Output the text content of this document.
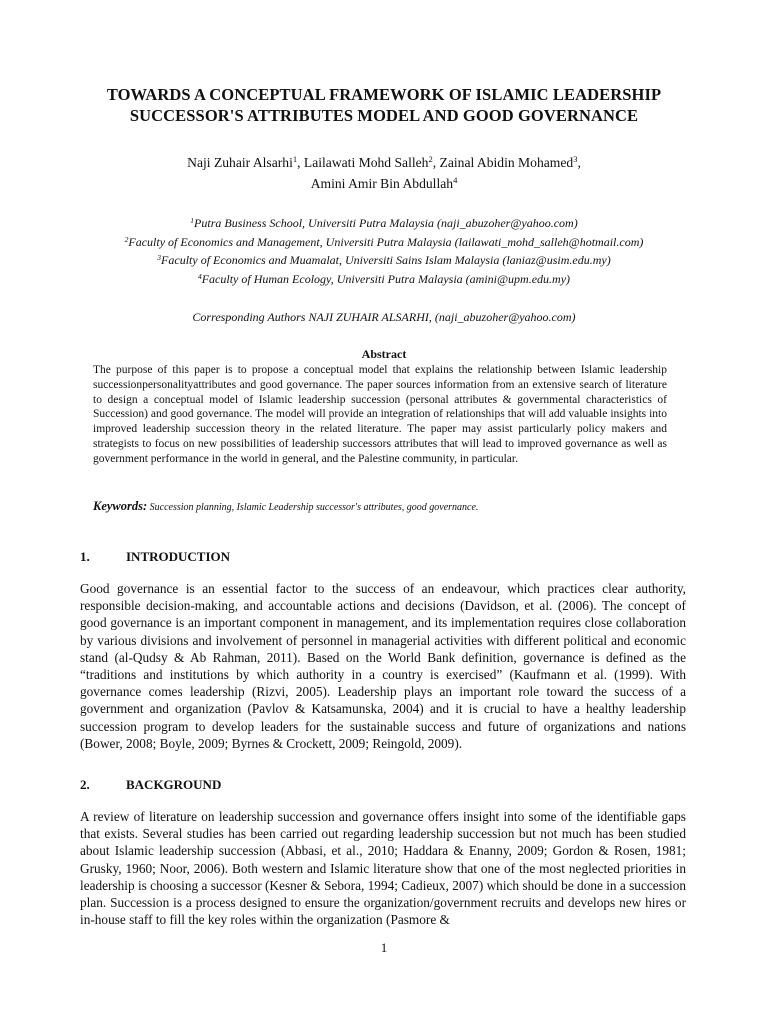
TOWARDS A CONCEPTUAL FRAMEWORK OF ISLAMIC LEADERSHIP
SUCCESSOR'S ATTRIBUTES MODEL AND GOOD GOVERNANCE
Naji Zuhair Alsarhi$^1$, Lailawati Mohd Salleh$^2$, Zainal Abidin Mohamed$^3$,
Amini Amir Bin Abdullah$^4$
$^1$Putra Business School, Universiti Putra Malaysia (naji_abuzoher@yahoo.com)
$^2$Faculty of Economics and Management, Universiti Putra Malaysia (lailawati_mohd_salleh@hotmail.com)
$^3$Faculty of Economics and Muamalat, Universiti Sains Islam Malaysia (laniaz@usim.edu.my)
$^4$Faculty of Human Ecology, Universiti Putra Malaysia (amini@upm.edu.my)
Corresponding Authors NAJI ZUHAIR ALSARHI, (naji_abuzoher@yahoo.com)
Abstract
The purpose of this paper is to propose a conceptual model that explains the relationship between Islamic leadership successionpersonalityattributes and good governance. The paper sources information from an extensive search of literature to design a conceptual model of Islamic leadership succession (personal attributes & governmental characteristics of Succession) and good governance. The model will provide an integration of relationships that will add valuable insights into improved leadership succession theory in the related literature. The paper may assist particularly policy makers and strategists to focus on new possibilities of leadership successors attributes that will lead to improved governance as well as government performance in the world in general, and the Palestine community, in particular.
Keywords: Succession planning, Islamic Leadership successor's attributes, good governance.
1.	INTRODUCTION
Good governance is an essential factor to the success of an endeavour, which practices clear authority, responsible decision-making, and accountable actions and decisions (Davidson, et al. (2006). The concept of good governance is an important component in management, and its implementation requires close collaboration by various divisions and involvement of personnel in managerial activities with different political and economic stand (al-Qudsy & Ab Rahman, 2011). Based on the World Bank definition, governance is defined as the “traditions and institutions by which authority in a country is exercised” (Kaufmann et al. (1999). With governance comes leadership (Rizvi, 2005). Leadership plays an important role toward the success of a government and organization (Pavlov & Katsamunska, 2004) and it is crucial to have a healthy leadership succession program to develop leaders for the sustainable success and future of organizations and nations (Bower, 2008; Boyle, 2009; Byrnes & Crockett, 2009; Reingold, 2009).
2.	BACKGROUND
A review of literature on leadership succession and governance offers insight into some of the identifiable gaps that exists. Several studies has been carried out regarding leadership succession but not much has been studied about Islamic leadership succession (Abbasi, et al., 2010; Haddara & Enanny, 2009; Gordon & Rosen, 1981; Grusky, 1960; Noor, 2006). Both western and Islamic literature show that one of the most neglected priorities in leadership is choosing a successor (Kesner & Sebora, 1994; Cadieux, 2007) which should be done in a succession plan. Succession is a process designed to ensure the organization/government recruits and develops new hires or in-house staff to fill the key roles within the organization (Pasmore &
1
